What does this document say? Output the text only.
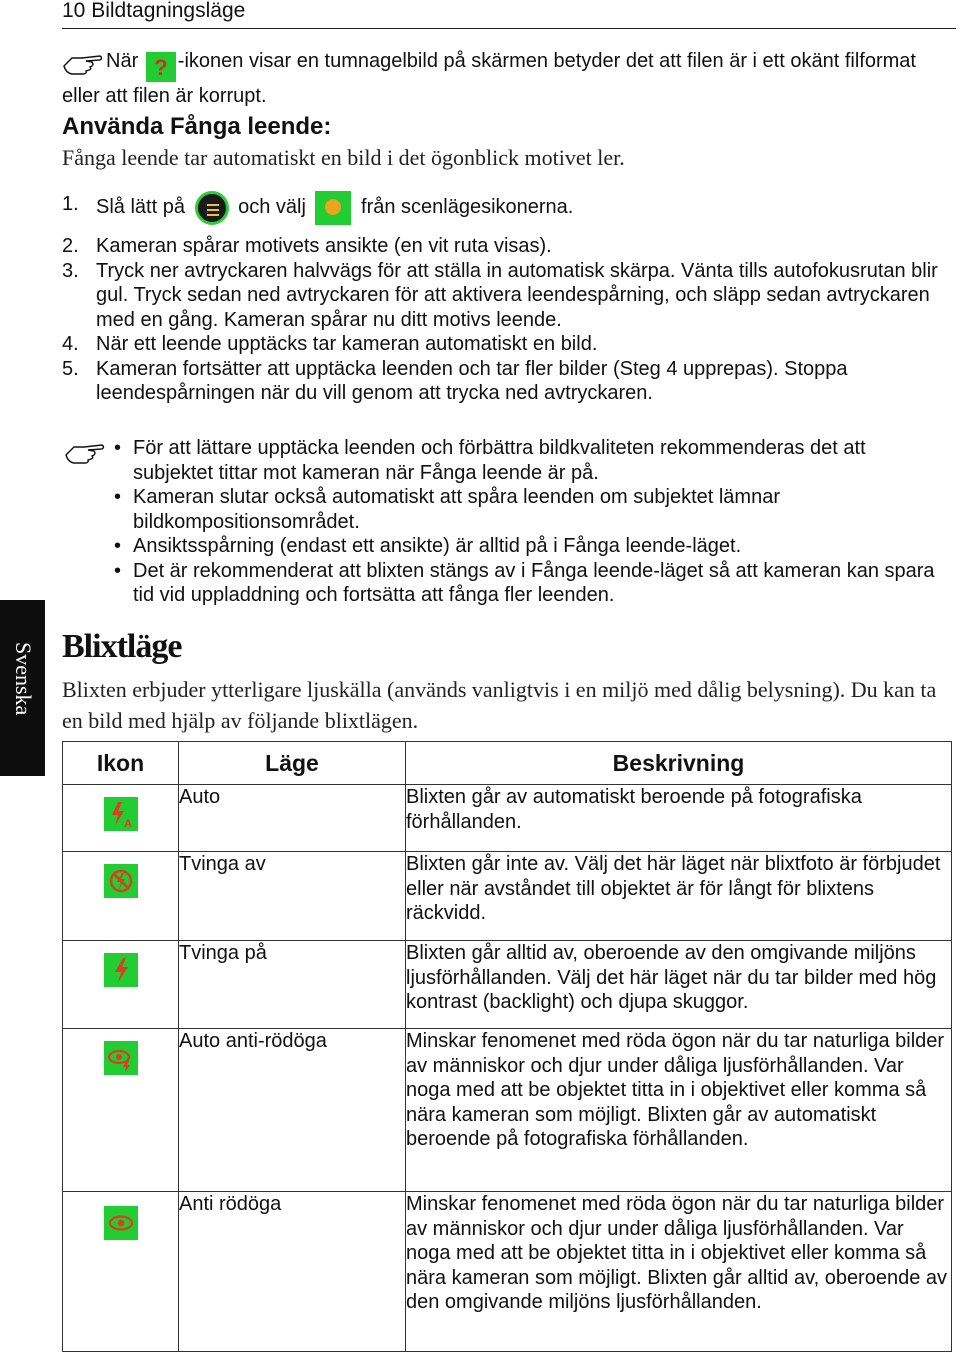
10 Bildtagningsläge
När ? -ikonen visar en tumnagelbild på skärmen betyder det att filen är i ett okänt filformat eller att filen är korrupt.
Använda Fånga leende:
Fånga leende tar automatiskt en bild i det ögonblick motivet ler.
1. Slå lätt på
och välj
från scenlägesikonerna.
2. Kameran spårar motivets ansikte (en vit ruta visas).
3. Tryck ner avtryckaren halvvägs för att ställa in automatisk skärpa. Vänta tills autofokusrutan blir gul. Tryck sedan ned avtryckaren för att aktivera leendespårning, och släpp sedan avtryckaren med en gång. Kameran spårar nu ditt motivs leende.
4. När ett leende upptäcks tar kameran automatiskt en bild.
5. Kameran fortsätter att upptäcka leenden och tar fler bilder (Steg 4 upprepas). Stoppa leendespårningen när du vill genom att trycka ned avtryckaren.
• För att lättare upptäcka leenden och förbättra bildkvaliteten rekommenderas det att subjektet tittar mot kameran när Fånga leende är på.
• Kameran slutar också automatiskt att spåra leenden om subjektet lämnar bildkompositionsområdet.
• Ansiktsspårning (endast ett ansikte) är alltid på i Fånga leende-läget.
• Det är rekommenderat att blixten stängs av i Fånga leende-läget så att kameran kan spara tid vid uppladdning och fortsätta att fånga fler leenden.
Svenska Blixtläge
Blixten erbjuder ytterligare ljuskälla (används vanligtvis i en miljö med dålig belysning). Du kan ta en bild med hjälp av följande blixtlägen.
Ikon	Läge	Beskrivning

A	Auto	Blixten går av automatiskt beroende på fotografiska förhållanden.

	Tvinga av	Blixten går inte av. Välj det här läget när blixtfoto är förbjudet eller när avståndet till objektet är för långt för blixtens räckvidd.

	Tvinga på	Blixten går alltid av, oberoende av den omgivande miljöns ljusförhållanden. Välj det här läget när du tar bilder med hög kontrast (backlight) och djupa skuggor.

	Auto anti-rödöga	Minskar fenomenet med röda ögon när du tar naturliga bilder av människor och djur under dåliga ljusförhållanden. Var noga med att be objektet titta in i objektivet eller komma så nära kameran som möjligt. Blixten går av automatiskt beroende på fotografiska förhållanden.

	Anti rödöga	Minskar fenomenet med röda ögon när du tar naturliga bilder av människor och djur under dåliga ljusförhållanden. Var noga med att be objektet titta in i objektivet eller komma så nära kameran som möjligt. Blixten går alltid av, oberoende av den omgivande miljöns ljusförhållanden.
